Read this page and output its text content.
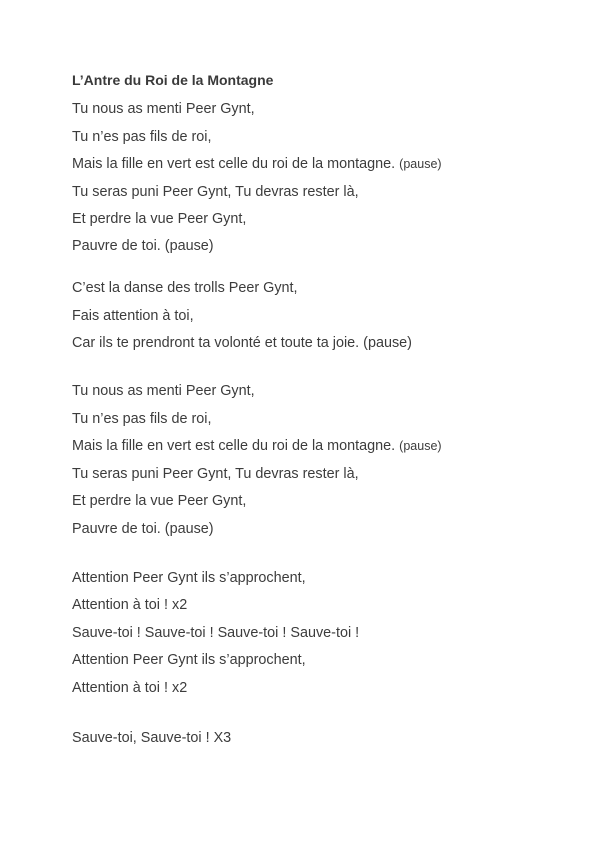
L’Antre du Roi de la Montagne
Tu nous as menti Peer Gynt,
Tu n’es pas fils de roi,
Mais la fille en vert est celle du roi de la montagne. (pause)
Tu seras puni Peer Gynt, Tu devras rester là,
Et perdre la vue Peer Gynt,
Pauvre de toi. (pause)
C’est la danse des trolls Peer Gynt,
Fais attention à toi,
Car ils te prendront ta volonté et toute ta joie. (pause)
Tu nous as menti Peer Gynt,
Tu n’es pas fils de roi,
Mais la fille en vert est celle du roi de la montagne. (pause)
Tu seras puni Peer Gynt, Tu devras rester là,
Et perdre la vue Peer Gynt,
Pauvre de toi. (pause)
Attention Peer Gynt ils s’approchent,
Attention à toi ! x2
Sauve-toi ! Sauve-toi ! Sauve-toi ! Sauve-toi !
Attention Peer Gynt ils s’approchent,
Attention à toi ! x2
Sauve-toi, Sauve-toi ! X3
